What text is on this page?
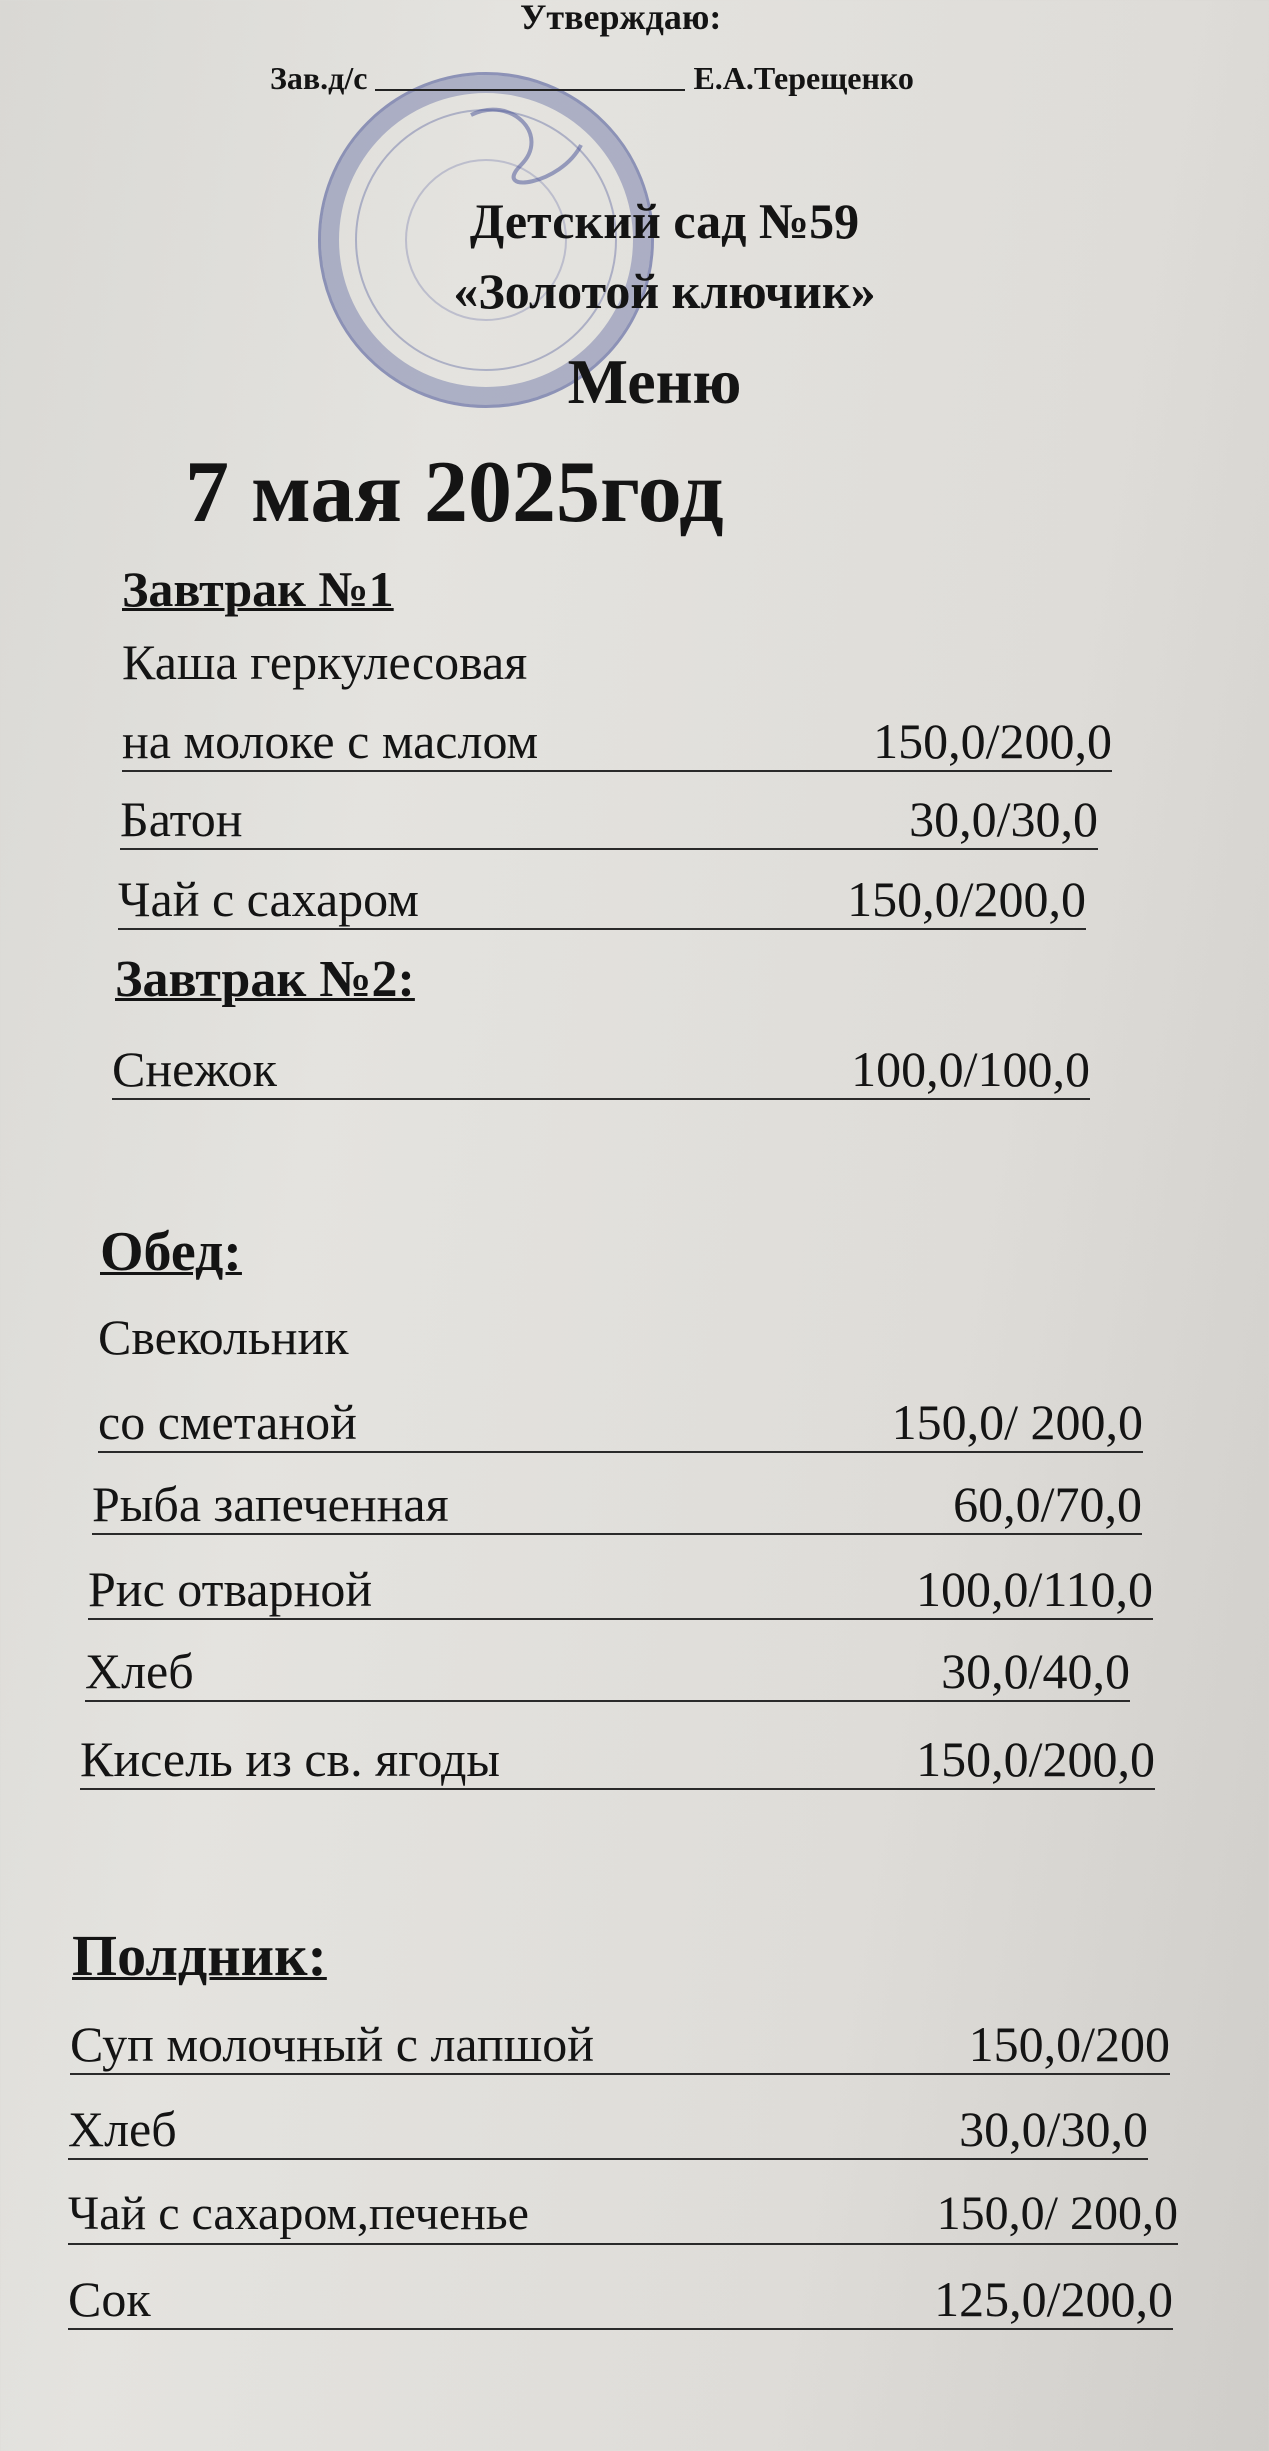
Утверждаю:
Зав.д/с	Е.А.Терещенко
Детский сад №59
«Золотой ключик»
Меню
7 мая 2025год
Завтрак №1
Каша геркулесовая
на молоке с маслом	150,0/200,0
Батон	30,0/30,0
Чай с сахаром	150,0/200,0
Завтрак №2:
Снежок	100,0/100,0
Обед:
Свекольник
со сметаной	150,0/ 200,0
Рыба запеченная	60,0/70,0
Рис отварной	100,0/110,0
Хлеб	30,0/40,0
Кисель из св. ягоды	150,0/200,0
Полдник:
Суп молочный с лапшой	150,0/200
Хлеб	30,0/30,0
Чай с сахаром,печенье	150,0/ 200,0
Сок	125,0/200,0
